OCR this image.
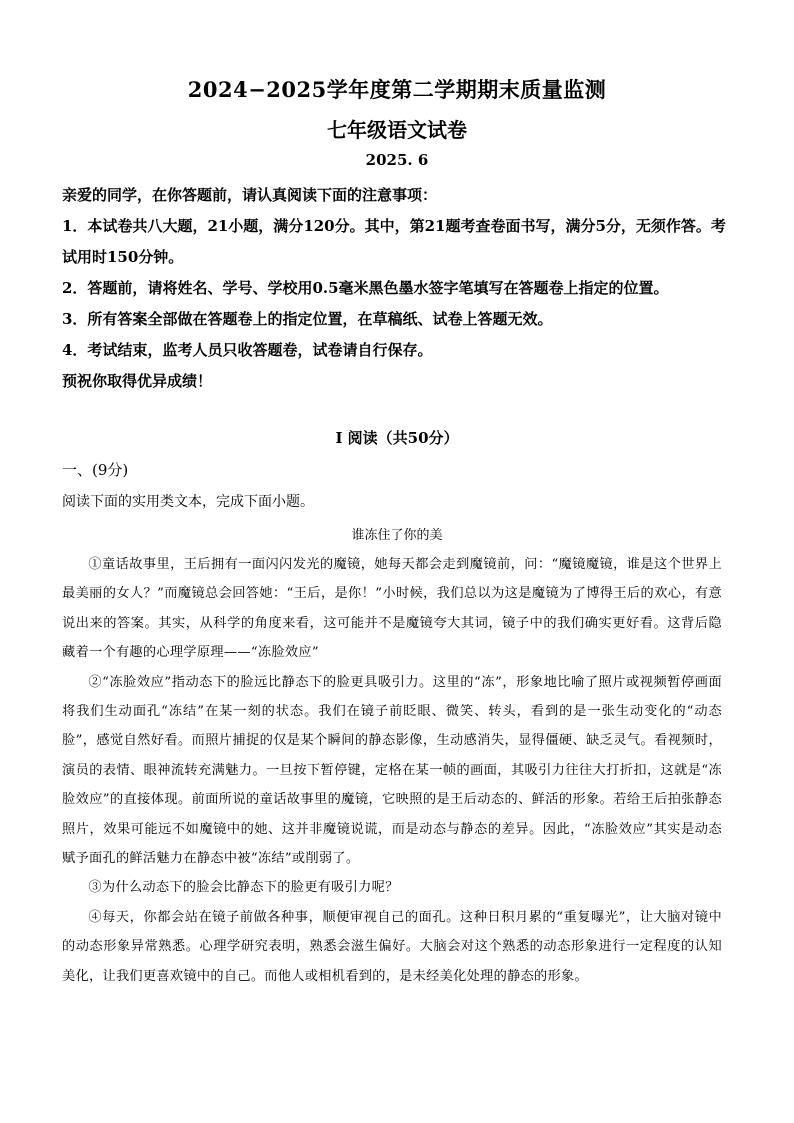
2024−2025学年度第二学期期末质量监测
七年级语文试卷
2025. 6

亲爱的同学，在你答题前，请认真阅读下面的注意事项：

1．本试卷共八大题，21小题，满分120分。其中，第21题考查卷面书写，满分5分，无须作答。考试用时150分钟。

2．答题前，请将姓名、学号、学校用0.5毫米黑色墨水签字笔填写在答题卷上指定的位置。

3．所有答案全部做在答题卷上的指定位置，在草稿纸、试卷上答题无效。

4．考试结束，监考人员只收答题卷，试卷请自行保存。

预祝你取得优异成绩！

Ⅰ 阅读（共50分）
一、(9分)
阅读下面的实用类文本，完成下面小题。
谁冻住了你的美

①童话故事里，王后拥有一面闪闪发光的魔镜，她每天都会走到魔镜前，问：“魔镜魔镜，谁是这个世界上最美丽的女人？”而魔镜总会回答她：“王后，是你！”小时候，我们总以为这是魔镜为了博得王后的欢心，有意说出来的答案。其实，从科学的角度来看，这可能并不是魔镜夸大其词，镜子中的我们确实更好看。这背后隐藏着一个有趣的心理学原理——“冻脸效应”

②“冻脸效应”指动态下的脸远比静态下的脸更具吸引力。这里的“冻”，形象地比喻了照片或视频暂停画面将我们生动面孔“冻结”在某一刻的状态。我们在镜子前眨眼、微笑、转头，看到的是一张生动变化的“动态脸”，感觉自然好看。而照片捕捉的仅是某个瞬间的静态影像，生动感消失，显得僵硬、缺乏灵气。看视频时，演员的表情、眼神流转充满魅力。一旦按下暂停键，定格在某一帧的画面，其吸引力往往大打折扣，这就是“冻脸效应”的直接体现。前面所说的童话故事里的魔镜，它映照的是王后动态的、鲜活的形象。若给王后拍张静态照片，效果可能远不如魔镜中的她、这并非魔镜说谎，而是动态与静态的差异。因此，“冻脸效应”其实是动态赋予面孔的鲜活魅力在静态中被“冻结”或削弱了。

③为什么动态下的脸会比静态下的脸更有吸引力呢？

④每天，你都会站在镜子前做各种事，顺便审视自己的面孔。这种日积月累的“重复曝光”，让大脑对镜中的动态形象异常熟悉。心理学研究表明，熟悉会滋生偏好。大脑会对这个熟悉的动态形象进行一定程度的认知美化，让我们更喜欢镜中的自己。而他人或相机看到的，是未经美化处理的静态的形象。
